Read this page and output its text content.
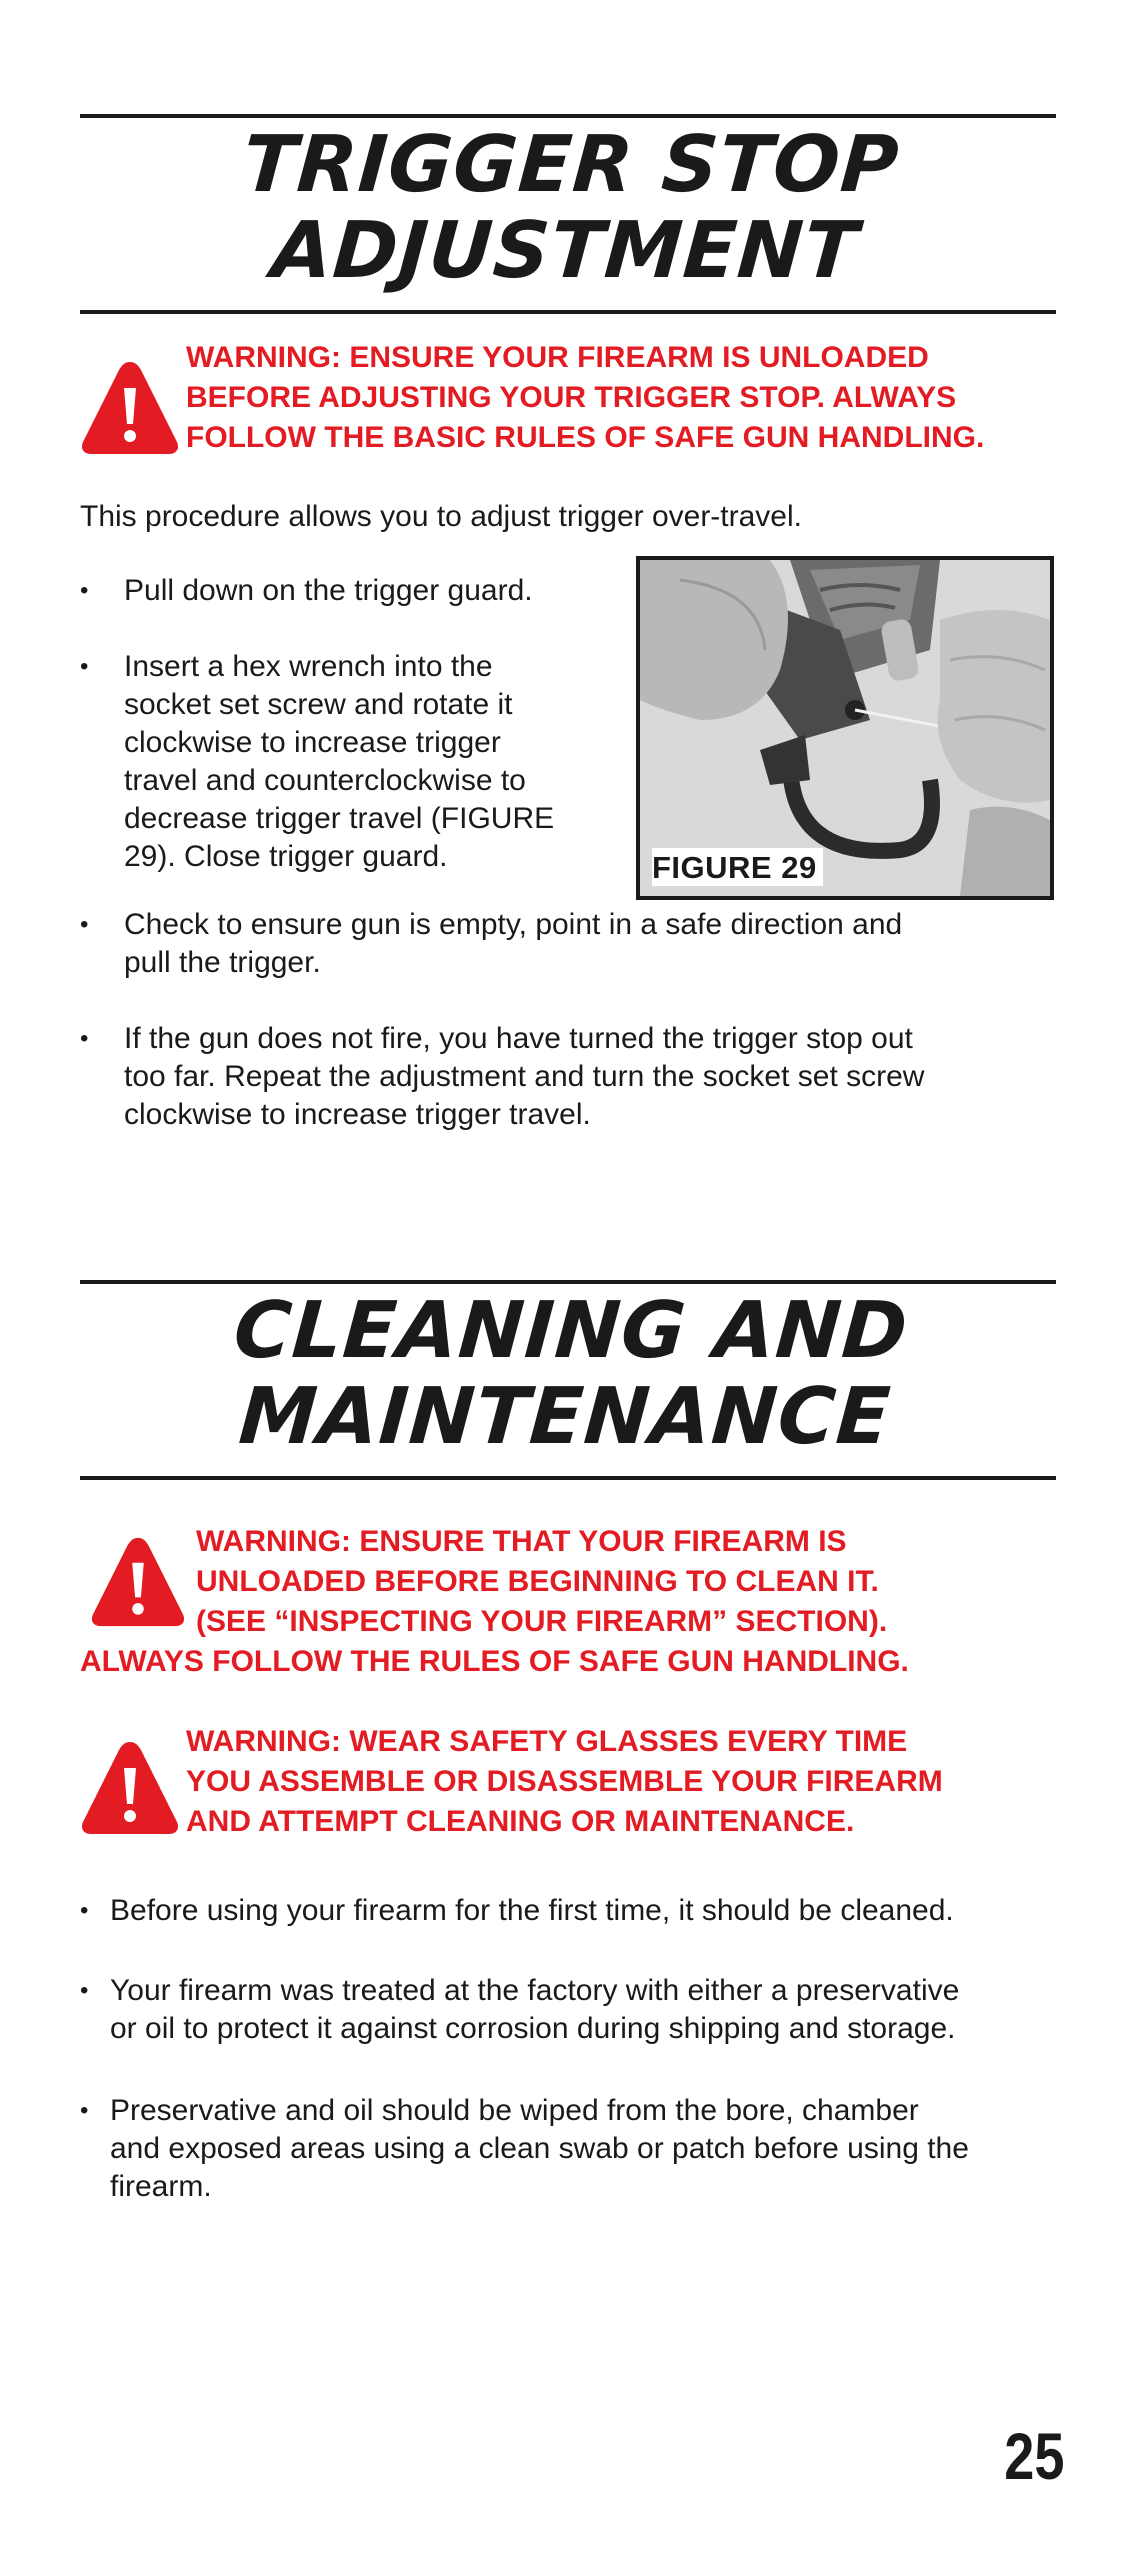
TRIGGER STOP
ADJUSTMENT
WARNING: ENSURE YOUR FIREARM IS UNLOADED
BEFORE ADJUSTING YOUR TRIGGER STOP. ALWAYS
FOLLOW THE BASIC RULES OF SAFE GUN HANDLING.
This procedure allows you to adjust trigger over-travel.
• Pull down on the trigger guard.
• Insert a hex wrench into the
socket set screw and rotate it
clockwise to increase trigger
travel and counterclockwise to
decrease trigger travel (FIGURE
29). Close trigger guard.	FIGURE 29
• Check to ensure gun is empty, point in a safe direction and
pull the trigger.
• If the gun does not fire, you have turned the trigger stop out
too far. Repeat the adjustment and turn the socket set screw
clockwise to increase trigger travel.
CLEANING AND
MAINTENANCE
WARNING: ENSURE THAT YOUR FIREARM IS
UNLOADED BEFORE BEGINNING TO CLEAN IT.
(SEE “INSPECTING YOUR FIREARM” SECTION).
ALWAYS FOLLOW THE RULES OF SAFE GUN HANDLING.
WARNING: WEAR SAFETY GLASSES EVERY TIME
YOU ASSEMBLE OR DISASSEMBLE YOUR FIREARM
AND ATTEMPT CLEANING OR MAINTENANCE.
• Before using your firearm for the first time, it should be cleaned.
• Your firearm was treated at the factory with either a preservative
or oil to protect it against corrosion during shipping and storage.
• Preservative and oil should be wiped from the bore, chamber
and exposed areas using a clean swab or patch before using the
firearm.
25
